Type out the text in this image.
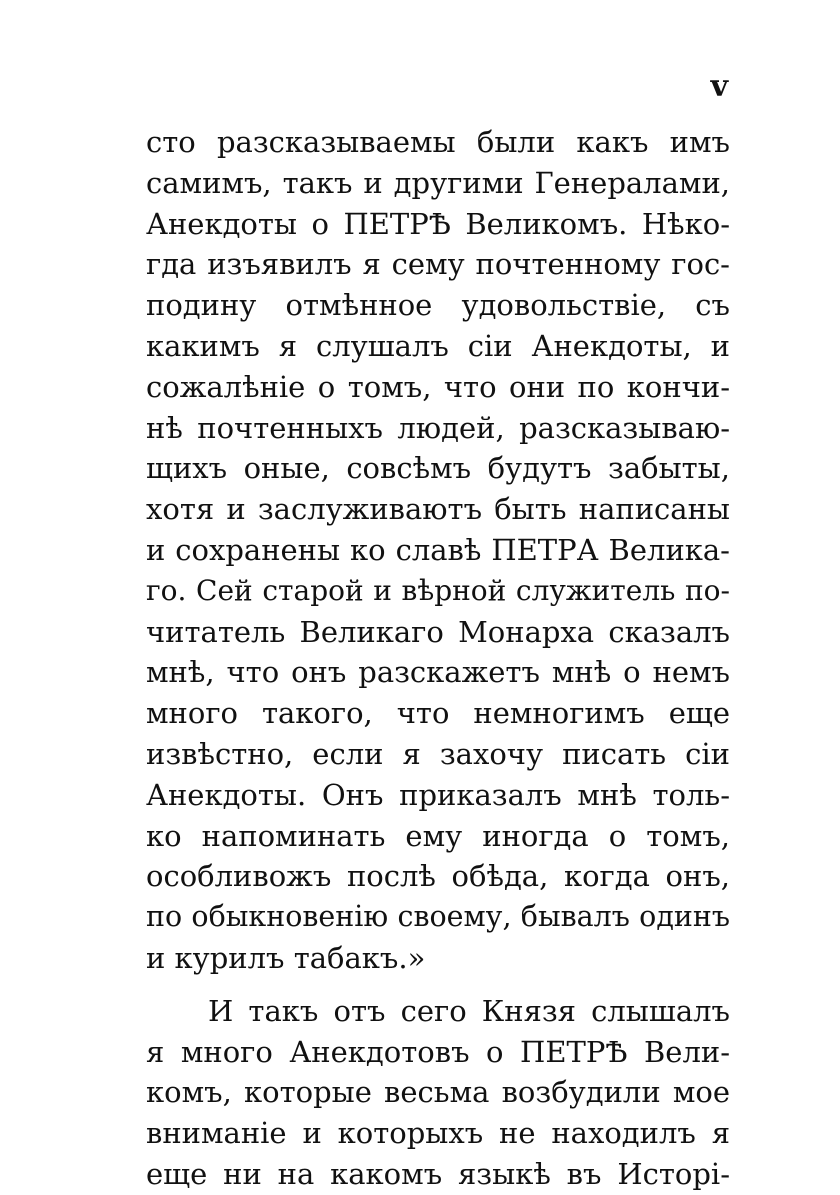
v
сто разсказываемы были какъ имъ
самимъ, такъ и другими Генералами,
Анекдоты о ПЕТРѢ Великомъ. Нѣко-
гда изъявилъ я сему почтенному гос-
подину отмѣнное удовольствіе, съ
какимъ я слушалъ сіи Анекдоты, и
сожалѣніе о томъ, что они по кончи-
нѣ почтенныхъ людей, разсказываю-
щихъ оные, совсѣмъ будутъ забыты,
хотя и заслуживаютъ быть написаны
и сохранены ко славѣ ПЕТРА Велика-
го. Сей старой и вѣрной служитель по-
читатель Великаго Монарха сказалъ
мнѣ, что онъ разскажетъ мнѣ о немъ
много такого, что немногимъ еще
извѣстно, если я захочу писать сіи
Анекдоты. Онъ приказалъ мнѣ толь-
ко напоминать ему иногда о томъ,
особливожъ послѣ обѣда, когда онъ,
по обыкновенію своему, бывалъ одинъ
и курилъ табакъ.»
И такъ отъ сего Князя слышалъ
я много Анекдотовъ о ПЕТРѢ Вели-
комъ, которые весьма возбудили мое
вниманіе и которыхъ не находилъ я
еще ни на какомъ языкѣ въ Исторі-
